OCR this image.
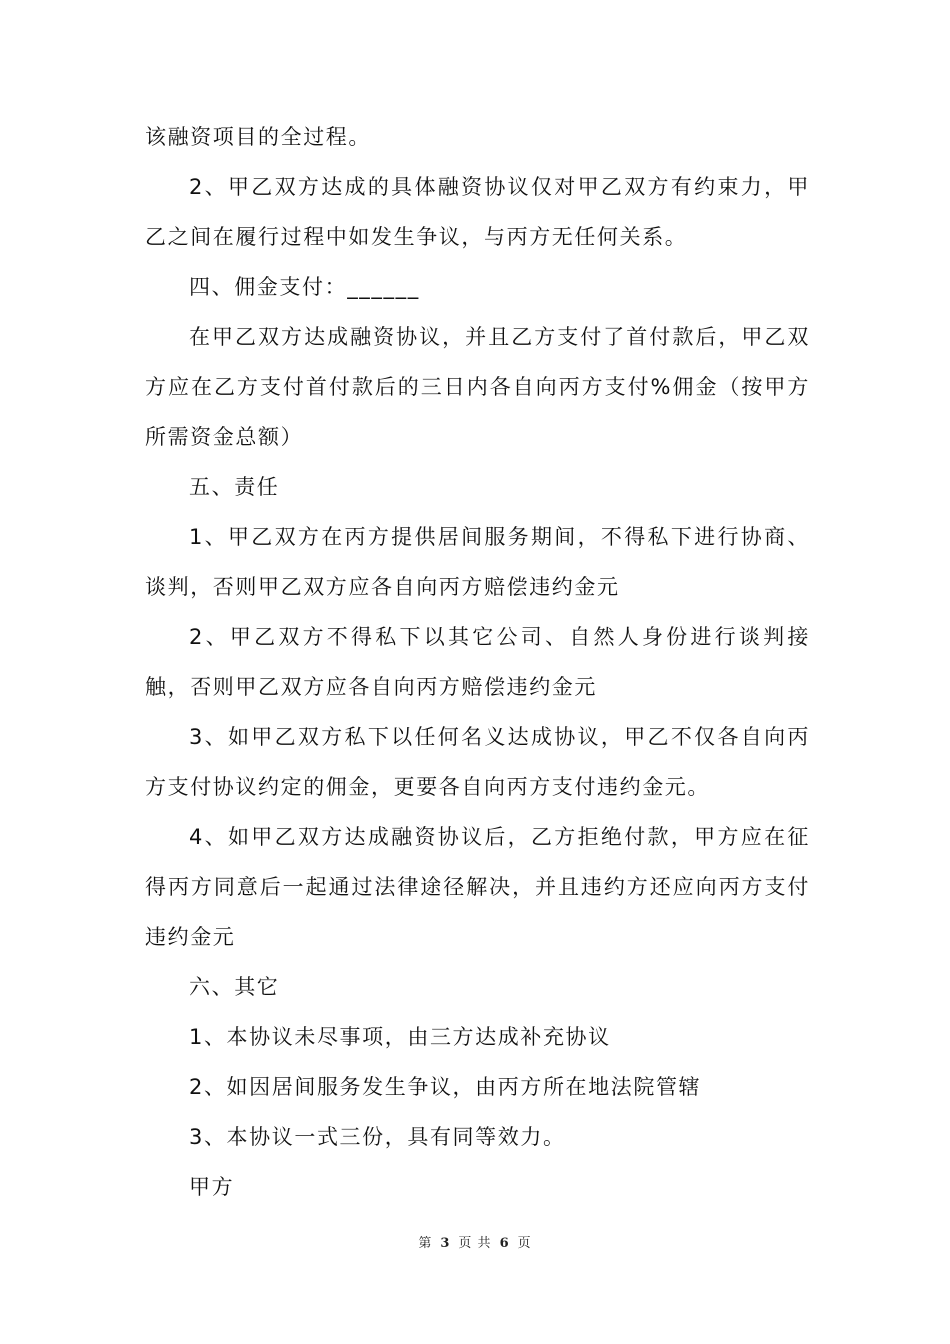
该融资项目的全过程。

2、甲乙双方达成的具体融资协议仅对甲乙双方有约束力，甲乙之间在履行过程中如发生争议，与丙方无任何关系。

四、佣金支付：______

在甲乙双方达成融资协议，并且乙方支付了首付款后，甲乙双方应在乙方支付首付款后的三日内各自向丙方支付%佣金（按甲方所需资金总额）

五、责任

1、甲乙双方在丙方提供居间服务期间，不得私下进行协商、谈判，否则甲乙双方应各自向丙方赔偿违约金元

2、甲乙双方不得私下以其它公司、自然人身份进行谈判接触，否则甲乙双方应各自向丙方赔偿违约金元

3、如甲乙双方私下以任何名义达成协议，甲乙不仅各自向丙方支付协议约定的佣金，更要各自向丙方支付违约金元。

4、如甲乙双方达成融资协议后，乙方拒绝付款，甲方应在征得丙方同意后一起通过法律途径解决，并且违约方还应向丙方支付违约金元

六、其它

1、本协议未尽事项，由三方达成补充协议

2、如因居间服务发生争议，由丙方所在地法院管辖

3、本协议一式三份，具有同等效力。

甲方

第 3 页 共 6 页
